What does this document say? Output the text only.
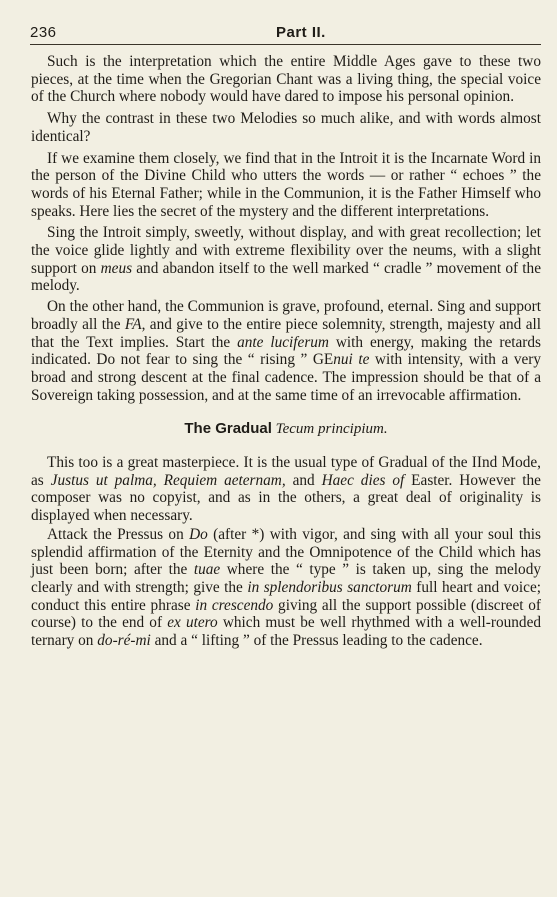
236	Part II.

Such is the interpretation which the entire Middle Ages gave to these two pieces, at the time when the Gregorian Chant was a living thing, the special voice of the Church where nobody would have dared to impose his personal opinion.

Why the contrast in these two Melodies so much alike, and with words almost identical?

If we examine them closely, we find that in the Introit it is the Incarnate Word in the person of the Divine Child who utters the words — or rather “ echoes ” the words of his Eternal Father; while in the Communion, it is the Father Himself who speaks. Here lies the secret of the mystery and the different interpretations.

Sing the Introit simply, sweetly, without display, and with great recollection; let the voice glide lightly and with extreme flexibility over the neums, with a slight support on meus and abandon itself to the well marked “ cradle ” movement of the melody.

On the other hand, the Communion is grave, profound, eternal. Sing and support broadly all the FA, and give to the entire piece solemnity, strength, majesty and all that the Text implies. Start the ante luciferum with energy, making the retards indicated. Do not fear to sing the “ rising ” GEnui te with intensity, with a very broad and strong descent at the final cadence. The impression should be that of a Sovereign taking possession, and at the same time of an irrevocable affirmation.

The Gradual Tecum principium.

This too is a great masterpiece. It is the usual type of Gradual of the IInd Mode, as Justus ut palma, Requiem aeternam, and Haec dies of Easter. However the composer was no copyist, and as in the others, a great deal of originality is displayed when necessary.

Attack the Pressus on Do (after *) with vigor, and sing with all your soul this splendid affirmation of the Eternity and the Omnipotence of the Child which has just been born; after the tuae where the “ type ” is taken up, sing the melody clearly and with strength; give the in splendoribus sanctorum full heart and voice; conduct this entire phrase in crescendo giving all the support possible (discreet of course) to the end of ex utero which must be well rhythmed with a well-rounded ternary on do-ré-mi and a “ lifting ” of the Pressus leading to the cadence.
